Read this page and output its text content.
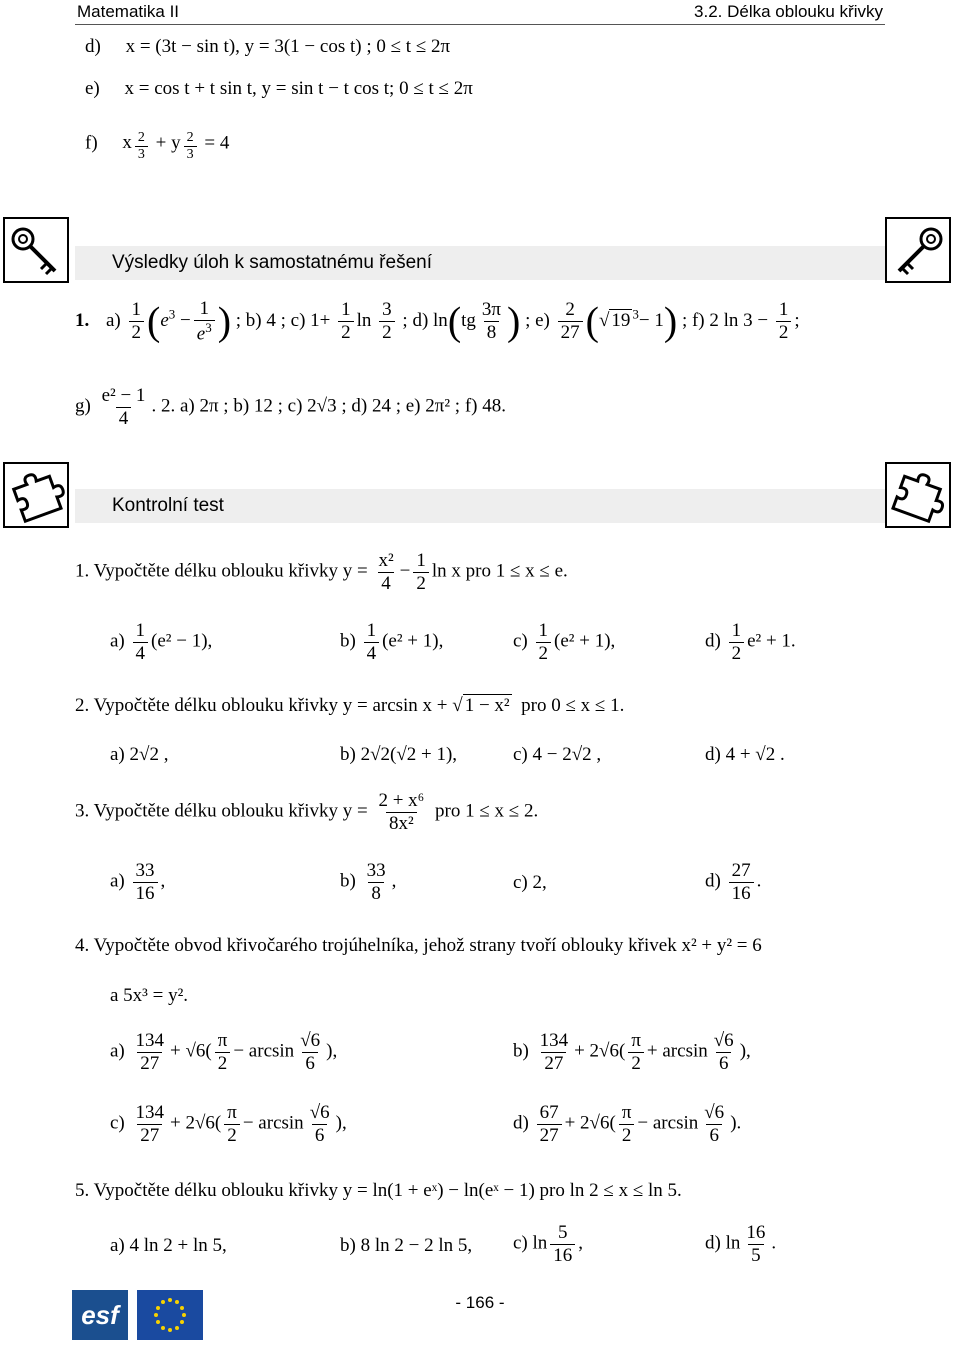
Matematika II	3.2. Délka oblouku křivky
d) x = (3t − sin t), y = 3(1 − cos t) ; 0 ≤ t ≤ 2π
e) x = cos t + t sin t, y = sin t − t cos t; 0 ≤ t ≤ 2π
f) x $\frac{2}{3} + y \frac{2}{3} = 4$
Výsledky úloh k samostatnému řešení
1. $a) \frac{1}{2} (e^3 - \frac{1}{e^3}$ ) ; b) 4 ; c) $1+ \frac{1}{2}$ $\ln \frac{3}{2}$ ; d) $\ln(tg \frac{3\pi}{8}$ ) ; $e) \frac{2}{27}$ (√ 19 $^3$− 1) ; f) 2 $\ln 3 - \frac{1}{2}$ ;
$g) \frac{\text{e² − 1}}{4}$ . 2. a) 2π ; b) 12 ; c) 2√3 ; d) 24 ; e) 2π² ; f) 48.
Kontrolní test
1. Vypočtěte délku oblouku křivky $y = \frac{\text{x²}}{4} - \frac{1}{2}$ ln x pro 1 ≤ x ≤ e.
$a) \frac{1}{4} (e^2 - 1)$,	$b) \frac{1}{4} (e^2 + 1)$,	$c) \frac{1}{2} (e^2 + 1)$,	$d) \frac{1}{2} e^2 + 1$.
2. Vypočtěte délku oblouku křivky y = arcsin x + √ 1 − x² pro 0 ≤ x ≤ 1.
a) 2√2 ,	b) 2√2(√2 + 1),	c) 4 − 2√2 ,	d) 4 + √2 .
3. Vypočtěte délku oblouku křivky $y = \frac{\text{2 + x⁶}}{\text{8x²}}$ pro 1 ≤ x ≤ 2.
$a) \frac{33}{16}$ ,	$b) \frac{33}{8}$ ,	c) 2,	$d) \frac{27}{16}$ .
4. Vypočtěte obvod křivočarého trojúhelníka, jehož strany tvoří oblouky křivek x² + y² = 6
a 5x³ = y².
$a) \frac{134}{27} + √6( \frac{\pi}{2} - \arcsin \frac{√6}{6}$ ),	$b) \frac{134}{27} + 2√6( \frac{\pi}{2} + \arcsin \frac{√6}{6}$ ),
$c) \frac{134}{27} + 2√6( \frac{\pi}{2} - \arcsin \frac{√6}{6}$ ),	$d) \frac{67}{27} + 2√6( \frac{\pi}{2} - \arcsin \frac{√6}{6}$ ).
5. Vypočtěte délku oblouku křivky y = ln(1 + eˣ) − ln(eˣ − 1) pro ln 2 ≤ x ≤ ln 5.
a) 4 ln 2 + ln 5,	b) 8 ln 2 − 2 ln 5, c) $\ln \frac{5}{16}$ ,	d) $\ln \frac{16}{5}$ .
esf	- 166 -
